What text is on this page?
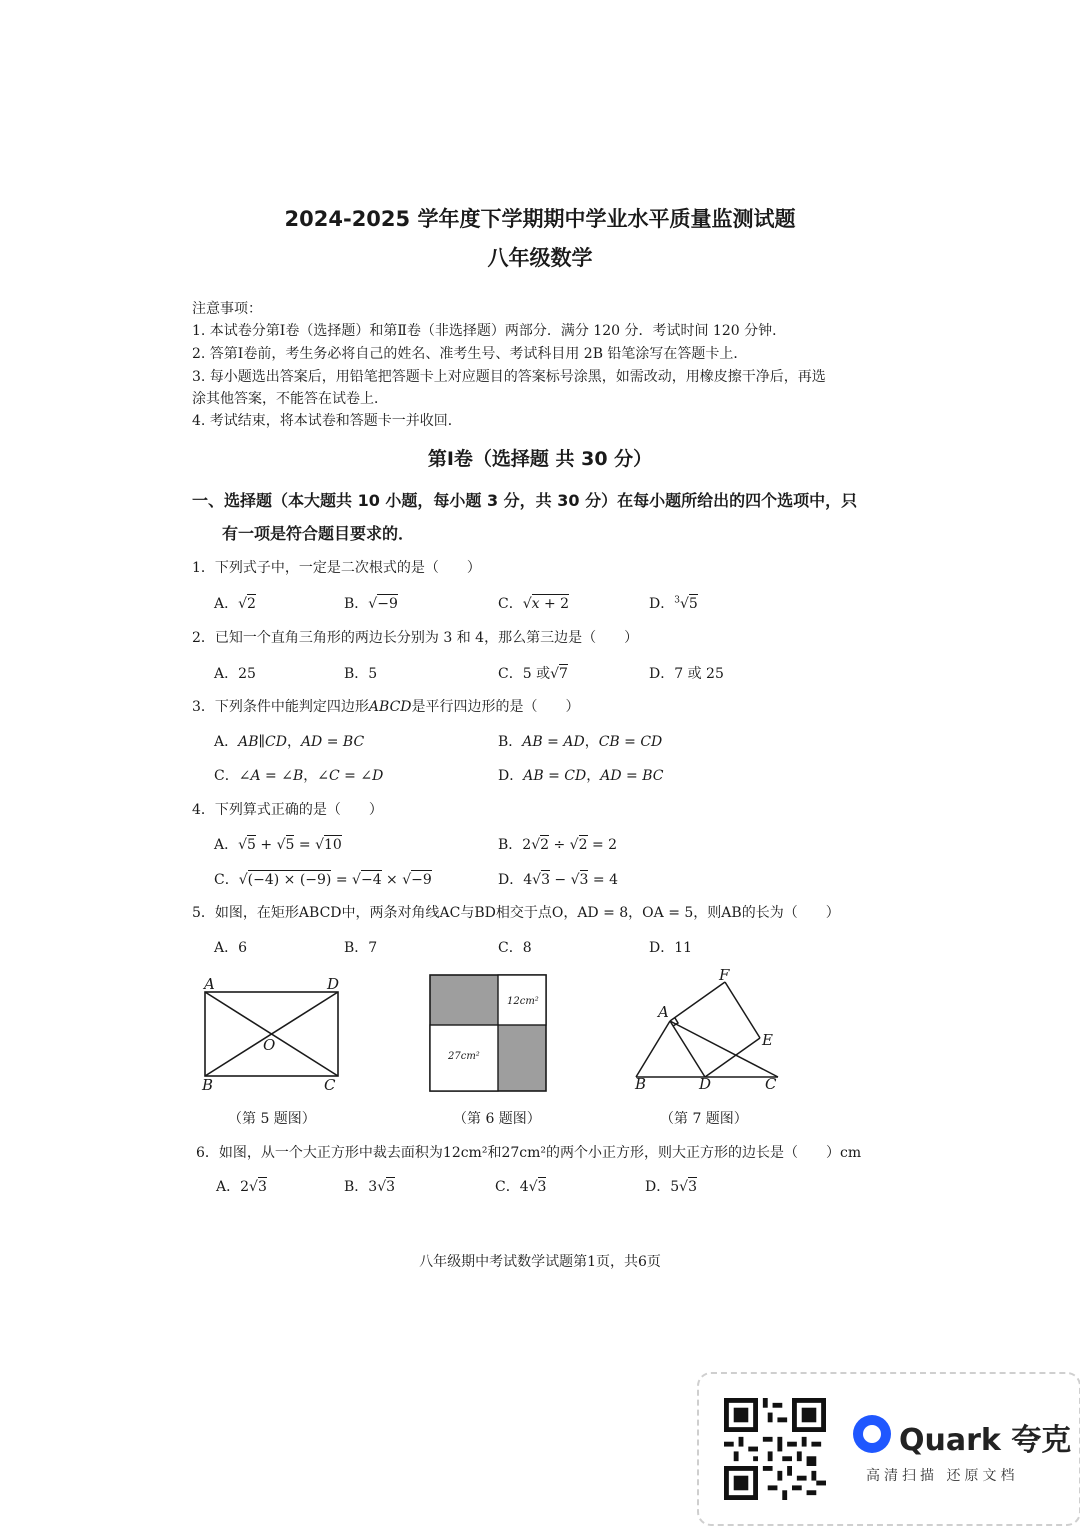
2024-2025 学年度下学期期中学业水平质量监测试题
八年级数学
注意事项：
1. 本试卷分第Ⅰ卷（选择题）和第Ⅱ卷（非选择题）两部分．满分 120 分．考试时间 120 分钟．
2. 答第Ⅰ卷前，考生务必将自己的姓名、准考生号、考试科目用 2B 铅笔涂写在答题卡上．
3. 每小题选出答案后，用铅笔把答题卡上对应题目的答案标号涂黑，如需改动，用橡皮擦干净后，再选
涂其他答案，不能答在试卷上．
4. 考试结束，将本试卷和答题卡一并收回．
第Ⅰ卷（选择题 共 30 分）
一、选择题（本大题共 10 小题，每小题 3 分，共 30 分）在每小题所给出的四个选项中，只
有一项是符合题目要求的．
1．下列式子中，一定是二次根式的是（　　）
A．√2	B．√−9	C．√x + 2	D．$^3$√5
2．已知一个直角三角形的两边长分别为 3 和 4，那么第三边是（　　）
A．25	B．5	C．5 或√7	D．7 或 25
3．下列条件中能判定四边形ABCD是平行四边形的是（　　）
A．AB∥CD，AD = BC	B．AB = AD，CB = CD
C．∠A = ∠B，∠C = ∠D	D．AB = CD，AD = BC
4．下列算式正确的是（　　）
A．√5 + √5 = √10	B．2√2 ÷ √2 = 2
C．√(−4) × (−9) = √−4 × √−9	D．4√3 − √3 = 4
5．如图，在矩形ABCD中，两条对角线AC与BD相交于点O，AD = 8，OA = 5，则AB的长为（　　）
A．6	B．7	C．8	D．11
A	D
O
B	C
12cm²
27cm²
F
A
E
B	D	C
（第 5 题图）	（第 6 题图）	（第 7 题图）
6．如图，从一个大正方形中裁去面积为12cm²和27cm²的两个小正方形，则大正方形的边长是（　　）cm
A．2√3	B．3√3	C．4√3	D．5√3
八年级期中考试数学试题第1页，共6页
Quark 夸克
高清扫描 还原文档
